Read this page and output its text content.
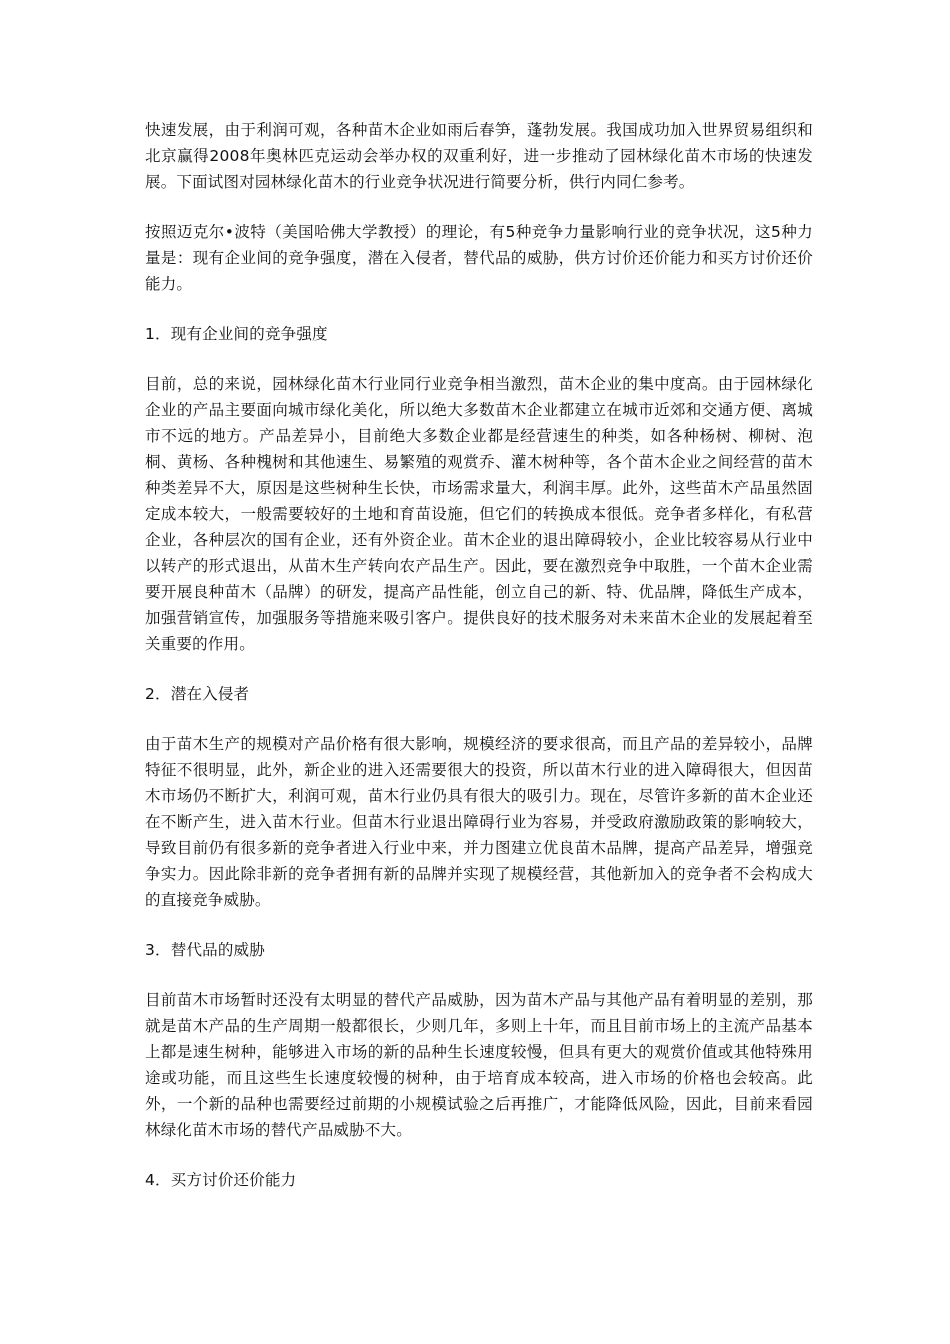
快速发展，由于利润可观，各种苗木企业如雨后春笋，蓬勃发展。我国成功加入世界贸易组织和北京赢得2008年奥林匹克运动会举办权的双重利好，进一步推动了园林绿化苗木市场的快速发展。下面试图对园林绿化苗木的行业竞争状况进行简要分析，供行内同仁参考。

按照迈克尔•波特（美国哈佛大学教授）的理论，有5种竞争力量影响行业的竞争状况，这5种力量是：现有企业间的竞争强度，潜在入侵者，替代品的威胁，供方讨价还价能力和买方讨价还价能力。

1．现有企业间的竞争强度

目前，总的来说，园林绿化苗木行业同行业竞争相当激烈，苗木企业的集中度高。由于园林绿化企业的产品主要面向城市绿化美化，所以绝大多数苗木企业都建立在城市近郊和交通方便、离城市不远的地方。产品差异小，目前绝大多数企业都是经营速生的种类，如各种杨树、柳树、泡桐、黄杨、各种槐树和其他速生、易繁殖的观赏乔、灌木树种等，各个苗木企业之间经营的苗木种类差异不大，原因是这些树种生长快，市场需求量大，利润丰厚。此外，这些苗木产品虽然固定成本较大，一般需要较好的土地和育苗设施，但它们的转换成本很低。竞争者多样化，有私营企业，各种层次的国有企业，还有外资企业。苗木企业的退出障碍较小，企业比较容易从行业中以转产的形式退出，从苗木生产转向农产品生产。因此，要在激烈竞争中取胜，一个苗木企业需要开展良种苗木（品牌）的研发，提高产品性能，创立自己的新、特、优品牌，降低生产成本，加强营销宣传，加强服务等措施来吸引客户。提供良好的技术服务对未来苗木企业的发展起着至关重要的作用。

2．潜在入侵者

由于苗木生产的规模对产品价格有很大影响，规模经济的要求很高，而且产品的差异较小，品牌特征不很明显，此外，新企业的进入还需要很大的投资，所以苗木行业的进入障碍很大，但因苗木市场仍不断扩大，利润可观，苗木行业仍具有很大的吸引力。现在，尽管许多新的苗木企业还在不断产生，进入苗木行业。但苗木行业退出障碍行业为容易，并受政府激励政策的影响较大，导致目前仍有很多新的竞争者进入行业中来，并力图建立优良苗木品牌，提高产品差异，增强竞争实力。因此除非新的竞争者拥有新的品牌并实现了规模经营，其他新加入的竞争者不会构成大的直接竞争威胁。

3．替代品的威胁

目前苗木市场暂时还没有太明显的替代产品威胁，因为苗木产品与其他产品有着明显的差别，那就是苗木产品的生产周期一般都很长，少则几年，多则上十年，而且目前市场上的主流产品基本上都是速生树种，能够进入市场的新的品种生长速度较慢，但具有更大的观赏价值或其他特殊用途或功能，而且这些生长速度较慢的树种，由于培育成本较高，进入市场的价格也会较高。此外，一个新的品种也需要经过前期的小规模试验之后再推广，才能降低风险，因此，目前来看园林绿化苗木市场的替代产品威胁不大。

4．买方讨价还价能力
